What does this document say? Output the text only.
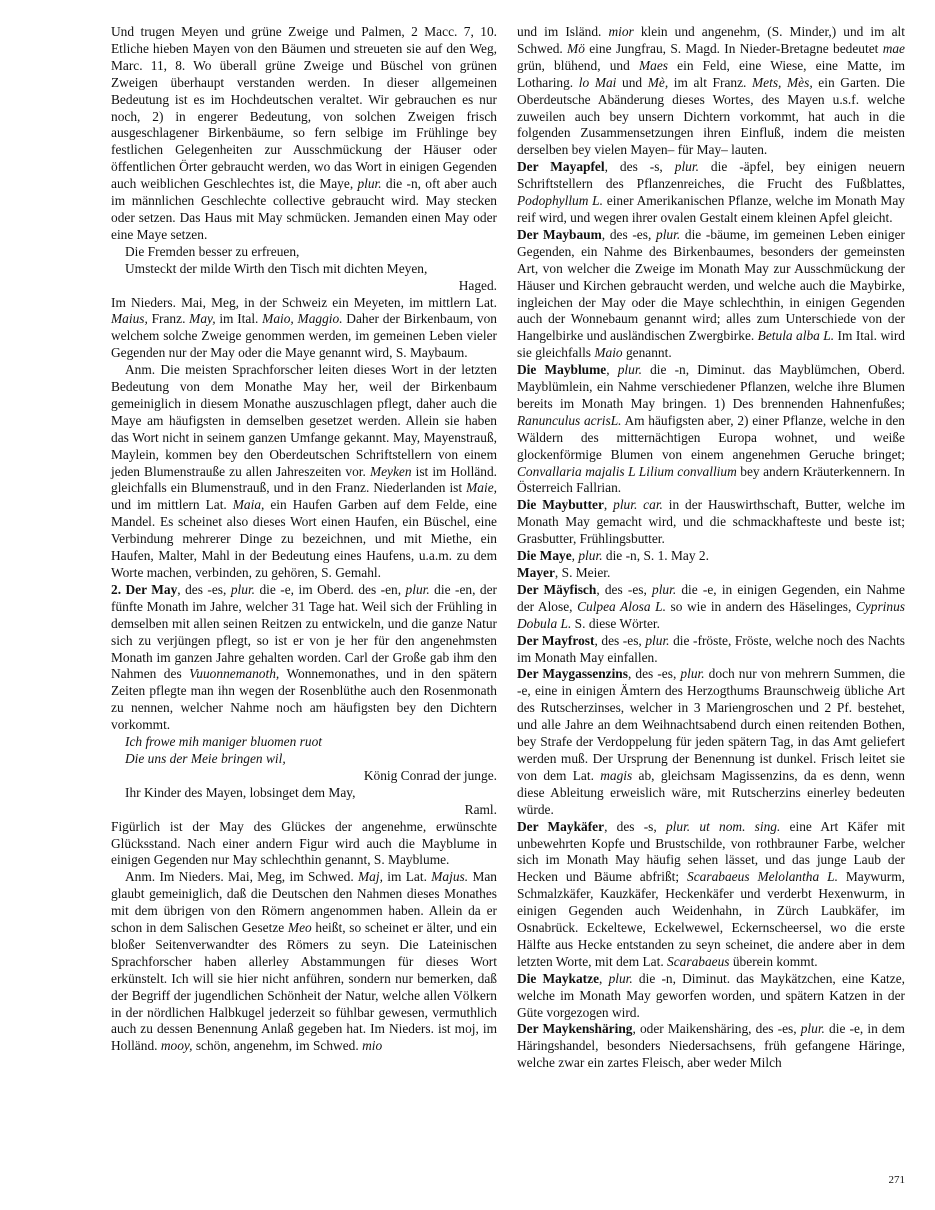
Und trugen Meyen und grüne Zweige und Palmen, 2 Macc. 7, 10. Etliche hieben Mayen von den Bäumen und streueten sie auf den Weg, Marc. 11, 8. Wo überall grüne Zweige und Büschel von grünen Zweigen überhaupt verstanden werden. In dieser allgemeinen Bedeutung ist es im Hochdeutschen veraltet. Wir gebrauchen es nur noch, 2) in engerer Bedeutung, von solchen Zweigen frisch ausgeschlagener Birkenbäume, so fern selbige im Frühlinge bey festlichen Gelegenheiten zur Ausschmückung der Häuser oder öffentlichen Örter gebraucht werden, wo das Wort in einigen Gegenden auch weiblichen Geschlechtes ist, die Maye, plur. die -n, oft aber auch im männlichen Geschlechte collective gebraucht wird. May stecken oder setzen. Das Haus mit May schmücken. Jemanden einen May oder eine Maye setzen.
Die Fremden besser zu erfreuen,
Umsteckt der milde Wirth den Tisch mit dichten Meyen,
Haged.
Im Nieders. Mai, Meg, in der Schweiz ein Meyeten, im mittlern Lat. Maius, Franz. May, im Ital. Maio, Maggio. Daher der Birkenbaum, von welchem solche Zweige genommen werden, im gemeinen Leben vieler Gegenden nur der May oder die Maye genannt wird, S. Maybaum.
Anm. Die meisten Sprachforscher leiten dieses Wort in der letzten Bedeutung von dem Monathe May her, weil der Birkenbaum gemeiniglich in diesem Monathe auszuschlagen pflegt, daher auch die Maye am häufigsten in demselben gesetzet werden. Allein sie haben das Wort nicht in seinem ganzen Umfange gekannt. May, Mayenstrauß, Maylein, kommen bey den Oberdeutschen Schriftstellern von einem jeden Blumenstrauße zu allen Jahreszeiten vor. Meyken ist im Holländ. gleichfalls ein Blumenstrauß, und in den Franz. Niederlanden ist Maie, und im mittlern Lat. Maia, ein Haufen Garben auf dem Felde, eine Mandel. Es scheinet also dieses Wort einen Haufen, ein Büschel, eine Verbindung mehrerer Dinge zu bezeichnen, und mit Miethe, ein Haufen, Malter, Mahl in der Bedeutung eines Haufens, u.a.m. zu dem Worte machen, verbinden, zu gehören, S. Gemahl.
2. Der May, des -es, plur. die -e, im Oberd. des -en, plur. die -en, der fünfte Monath im Jahre, welcher 31 Tage hat. Weil sich der Frühling in demselben mit allen seinen Reitzen zu entwickeln, und die ganze Natur sich zu verjüngen pflegt, so ist er von je her für den angenehmsten Monath im ganzen Jahre gehalten worden. Carl der Große gab ihm den Nahmen des Vuuonnemanoth, Wonnemonathes, und in den spätern Zeiten pflegte man ihn wegen der Rosenblüthe auch den Rosenmonath zu nennen, welcher Nahme noch am häufigsten bey den Dichtern vorkommt.
Ich frowe mih maniger bluomen ruot
Die uns der Meie bringen wil,
König Conrad der junge.
Ihr Kinder des Mayen, lobsinget dem May,
Raml.
Figürlich ist der May des Glückes der angenehme, erwünschte Glücksstand. Nach einer andern Figur wird auch die Mayblume in einigen Gegenden nur May schlechthin genannt, S. Mayblume.
Anm. Im Nieders. Mai, Meg, im Schwed. Maj, im Lat. Majus. Man glaubt gemeiniglich, daß die Deutschen den Nahmen dieses Monathes mit dem übrigen von den Römern angenommen haben. Allein da er schon in dem Salischen Gesetze Meo heißt, so scheinet er älter, und ein bloßer Seitenverwandter des Römers zu seyn. Die Lateinischen Sprachforscher haben allerley Abstammungen für dieses Wort erkünstelt. Ich will sie hier nicht anführen, sondern nur bemerken, daß der Begriff der jugendlichen Schönheit der Natur, welche allen Völkern in der nördlichen Halbkugel jederzeit so fühlbar gewesen, vermuthlich auch zu dessen Benennung Anlaß gegeben hat. Im Nieders. ist moj, im Holländ. mooy, schön, angenehm, im Schwed. mio
und im Isländ. mior klein und angenehm, (S. Minder,) und im alt Schwed. Mö eine Jungfrau, S. Magd. In Nieder-Bretagne bedeutet mae grün, blühend, und Maes ein Feld, eine Wiese, eine Matte, im Lotharing. lo Mai und Mè, im alt Franz. Mets, Mès, ein Garten. Die Oberdeutsche Abänderung dieses Wortes, des Mayen u.s.f. welche zuweilen auch bey unsern Dichtern vorkommt, hat auch in die folgenden Zusammensetzungen ihren Einfluß, indem die meisten derselben bey vielen Mayen– für May– lauten.
Der Mayapfel, des -s, plur. die -äpfel, bey einigen neuern Schriftstellern des Pflanzenreiches, die Frucht des Fußblattes, Podophyllum L. einer Amerikanischen Pflanze, welche im Monath May reif wird, und wegen ihrer ovalen Gestalt einem kleinen Apfel gleicht.
Der Maybaum, des -es, plur. die -bäume, im gemeinen Leben einiger Gegenden, ein Nahme des Birkenbaumes, besonders der gemeinsten Art, von welcher die Zweige im Monath May zur Ausschmückung der Häuser und Kirchen gebraucht werden, und welche auch die Maybirke, ingleichen der May oder die Maye schlechthin, in einigen Gegenden auch der Wonnebaum genannt wird; alles zum Unterschiede von der Hangelbirke und ausländischen Zwergbirke. Betula alba L. Im Ital. wird sie gleichfalls Maio genannt.
Die Mayblume, plur. die -n, Diminut. das Mayblümchen, Oberd. Mayblümlein, ein Nahme verschiedener Pflanzen, welche ihre Blumen bereits im Monath May bringen. 1) Des brennenden Hahnenfußes; Ranunculus acrisL. Am häufigsten aber, 2) einer Pflanze, welche in den Wäldern des mitternächtigen Europa wohnet, und weiße glockenförmige Blumen von einem angenehmen Geruche bringet; Convallaria majalis L Lilium convallium bey andern Kräuterkennern. In Österreich Fallrian.
Die Maybutter, plur. car. in der Hauswirthschaft, Butter, welche im Monath May gemacht wird, und die schmackhafteste und beste ist; Grasbutter, Frühlingsbutter.
Die Maye, plur. die -n, S. 1. May 2.
Mayer, S. Meier.
Der Mäyfisch, des -es, plur. die -e, in einigen Gegenden, ein Nahme der Alose, Culpea Alosa L. so wie in andern des Häselinges, Cyprinus Dobula L. S. diese Wörter.
Der Mayfrost, des -es, plur. die -fröste, Fröste, welche noch des Nachts im Monath May einfallen.
Der Maygassenzins, des -es, plur. doch nur von mehrern Summen, die -e, eine in einigen Ämtern des Herzogthums Braunschweig übliche Art des Rutscherzinses, welcher in 3 Mariengroschen und 2 Pf. bestehet, und alle Jahre an dem Weihnachtsabend durch einen reitenden Bothen, bey Strafe der Verdoppelung für jeden spätern Tag, in das Amt geliefert werden muß. Der Ursprung der Benennung ist dunkel. Frisch leitet sie von dem Lat. magis ab, gleichsam Magissenzins, da es denn, wenn diese Ableitung erweislich wäre, mit Rutscherzins einerley bedeuten würde.
Der Maykäfer, des -s, plur. ut nom. sing. eine Art Käfer mit unbewehrten Kopfe und Brustschilde, von rothbrauner Farbe, welcher sich im Monath May häufig sehen lässet, und das junge Laub der Hecken und Bäume abfrißt; Scarabaeus Melolantha L. Maywurm, Schmalzkäfer, Kauzkäfer, Heckenkäfer und verderbt Hexenwurm, in einigen Gegenden auch Weidenhahn, in Zürch Laubkäfer, im Osnabrück. Eckeltewe, Eckelwewel, Eckernscheersel, wo die erste Hälfte aus Hecke entstanden zu seyn scheinet, die andere aber in dem letzten Worte, mit dem Lat. Scarabaeus überein kommt.
Die Maykatze, plur. die -n, Diminut. das Maykätzchen, eine Katze, welche im Monath May geworfen worden, und spätern Katzen in der Güte vorgezogen wird.
Der Maykenshäring, oder Maikenshäring, des -es, plur. die -e, in dem Häringshandel, besonders Niedersachsens, früh gefangene Häringe, welche zwar ein zartes Fleisch, aber weder Milch
271
